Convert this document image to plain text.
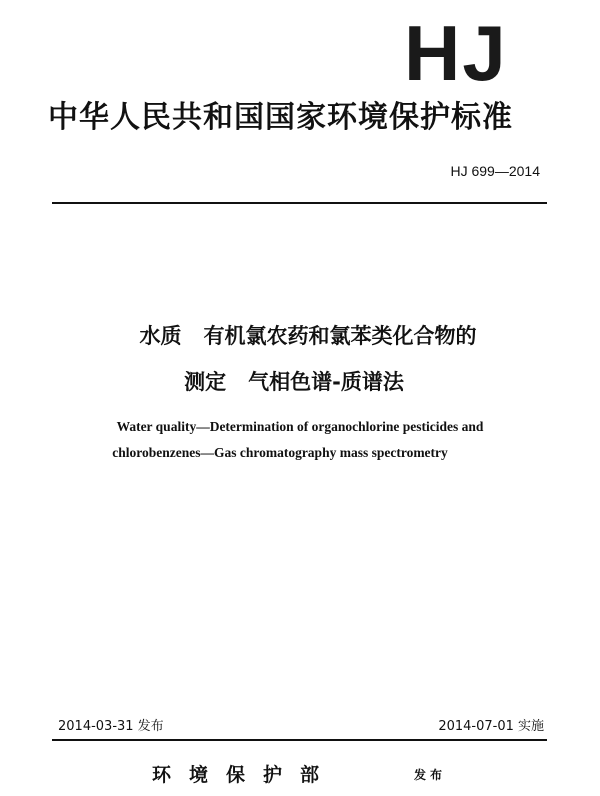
HJ
中华人民共和国国家环境保护标准
HJ 699—2014
水质   有机氯农药和氯苯类化合物的
测定   气相色谱-质谱法
Water quality—Determination of organochlorine pesticides and
chlorobenzenes—Gas chromatography mass spectrometry
2014-03-31 发布	2014-07-01 实施
环境保护部	发布
